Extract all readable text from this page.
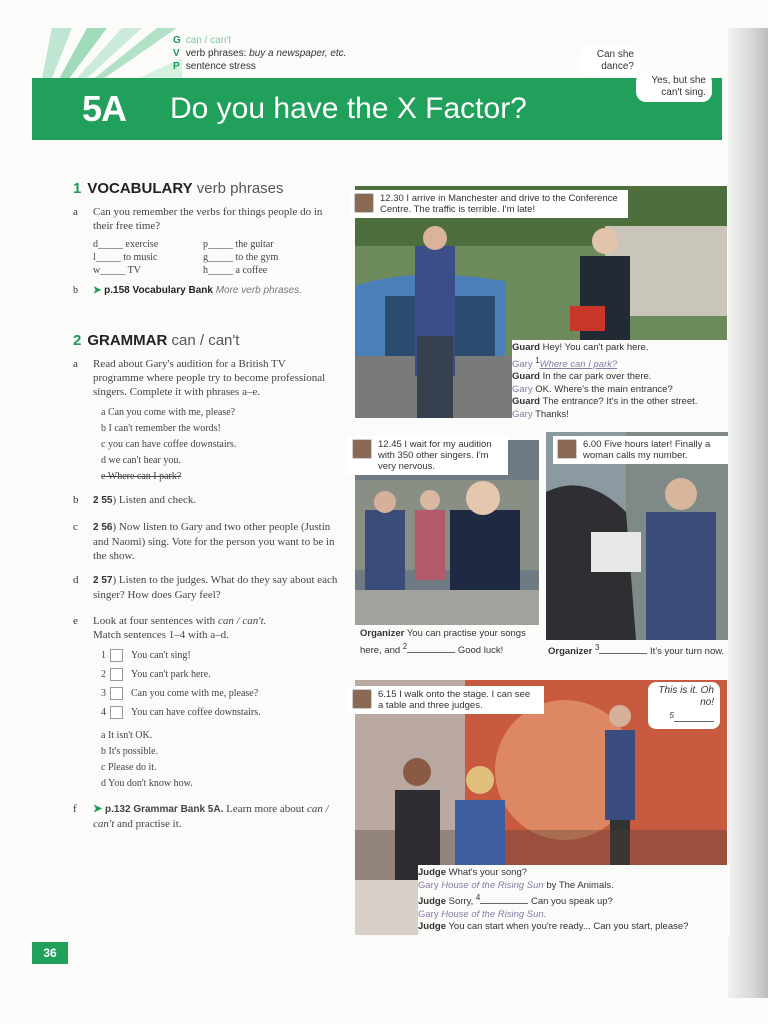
G can / can't
V verb phrases: buy a newspaper, etc.
P sentence stress
5A Do you have the X Factor?
Can she dance?
Yes, but she can't sing.
1 VOCABULARY verb phrases
a Can you remember the verbs for things people do in their free time?
d_____ exercise	p_____ the guitar
l_____ to music	g_____ to the gym
w_____ TV	h_____ a coffee
b ➤ p.158 Vocabulary Bank More verb phrases.
2 GRAMMAR can / can't
a Read about Gary's audition for a British TV programme where people try to become professional singers. Complete it with phrases a–e.
a Can you come with me, please?
b I can't remember the words!
c you can have coffee downstairs.
d we can't hear you.
e Where can I park?
b 2 55) Listen and check.
c 2 56) Now listen to Gary and two other people (Justin and Naomi) sing. Vote for the person you want to be in the show.
d 2 57) Listen to the judges. What do they say about each singer? How does Gary feel?
e Look at four sentences with can / can't.
Match sentences 1–4 with a–d.
1	You can't sing!
2	You can't park here.
3	Can you come with me, please?
4	You can have coffee downstairs.
a It isn't OK.
b It's possible.
c Please do it.
d You don't know how.
f ➤ p.132 Grammar Bank 5A. Learn more about can / can't and practise it.
12.30 I arrive in Manchester and drive to the Conference Centre. The traffic is terrible. I'm late!
Guard Hey! You can't park here.
Gary $^1$Where can I park?
Guard In the car park over there.
Gary OK. Where's the main entrance?
Guard The entrance? It's in the other street.
Gary Thanks!
12.45 I wait for my audition with 350 other singers. I'm very nervous.
Organizer You can practise your songs here, and $^2$	Good luck!
6.00 Five hours later! Finally a woman calls my number.
Organizer $^3$	It's your turn now.
6.15 I walk onto the stage. I can see a table and three judges.
This is it. Oh no!
$^5$
Judge What's your song?
Gary House of the Rising Sun by The Animals.
Judge Sorry, $^4$	Can you speak up?
Gary House of the Rising Sun.
Judge You can start when you're ready... Can you start, please?
36
